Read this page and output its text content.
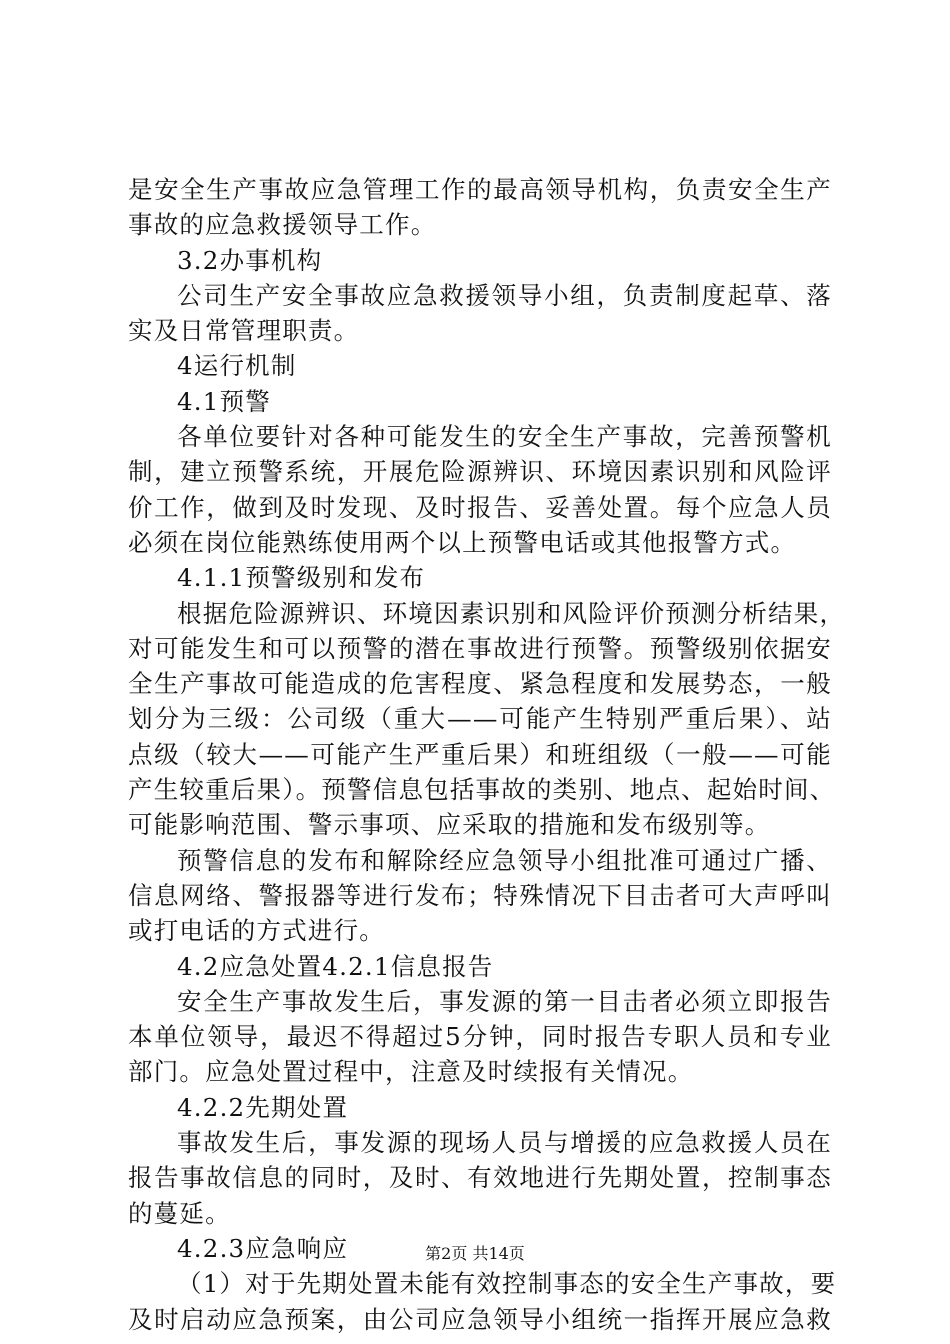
是安全生产事故应急管理工作的最高领导机构，负责安全生产
事故的应急救援领导工作。
3.2办事机构
公司生产安全事故应急救援领导小组，负责制度起草、落
实及日常管理职责。
4运行机制
4.1预警
各单位要针对各种可能发生的安全生产事故，完善预警机
制，建立预警系统，开展危险源辨识、环境因素识别和风险评
价工作，做到及时发现、及时报告、妥善处置。每个应急人员
必须在岗位能熟练使用两个以上预警电话或其他报警方式。
4.1.1预警级别和发布
根据危险源辨识、环境因素识别和风险评价预测分析结果，
对可能发生和可以预警的潜在事故进行预警。预警级别依据安
全生产事故可能造成的危害程度、紧急程度和发展势态，一般
划分为三级：公司级（重大——可能产生特别严重后果）、站
点级（较大——可能产生严重后果）和班组级（一般——可能
产生较重后果）。预警信息包括事故的类别、地点、起始时间、
可能影响范围、警示事项、应采取的措施和发布级别等。
预警信息的发布和解除经应急领导小组批准可通过广播、
信息网络、警报器等进行发布；特殊情况下目击者可大声呼叫
或打电话的方式进行。
4.2应急处置4.2.1信息报告
安全生产事故发生后，事发源的第一目击者必须立即报告
本单位领导，最迟不得超过5分钟，同时报告专职人员和专业
部门。应急处置过程中，注意及时续报有关情况。
4.2.2先期处置
事故发生后，事发源的现场人员与增援的应急救援人员在
报告事故信息的同时，及时、有效地进行先期处置，控制事态
的蔓延。
4.2.3应急响应
（1）对于先期处置未能有效控制事态的安全生产事故，要
及时启动应急预案，由公司应急领导小组统一指挥开展应急救
第2页 共14页
